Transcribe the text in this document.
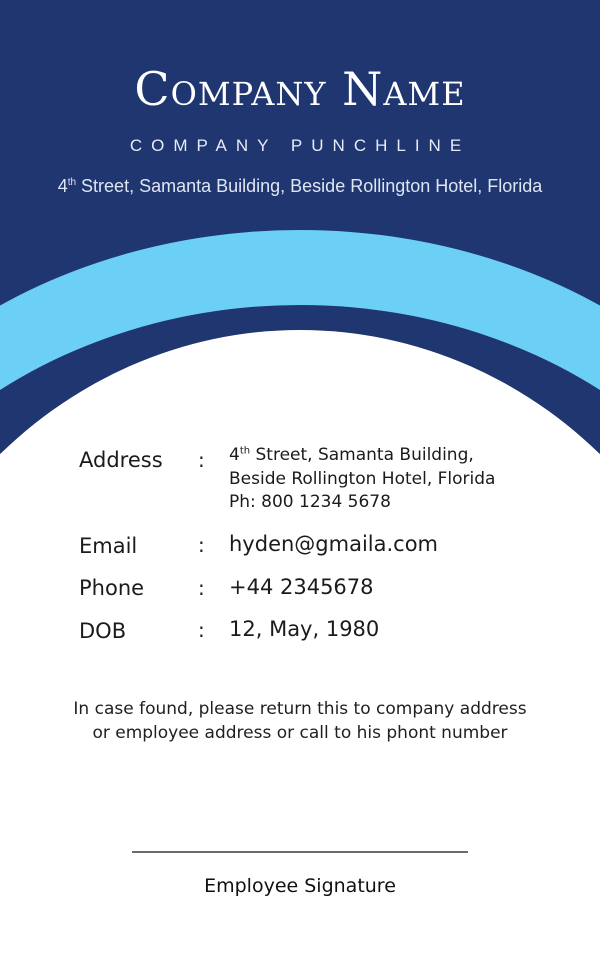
Company Name
COMPANY PUNCHLINE
4th Street, Samanta Building, Beside Rollington Hotel, Florida
Address : 4th Street, Samanta Building,
Beside Rollington Hotel, Florida
Ph: 800 1234 5678
Email	: hyden@gmaila.com
Phone	: +44 2345678
DOB	: 12, May, 1980
In case found, please return this to company address
or employee address or call to his phont number
Employee Signature
